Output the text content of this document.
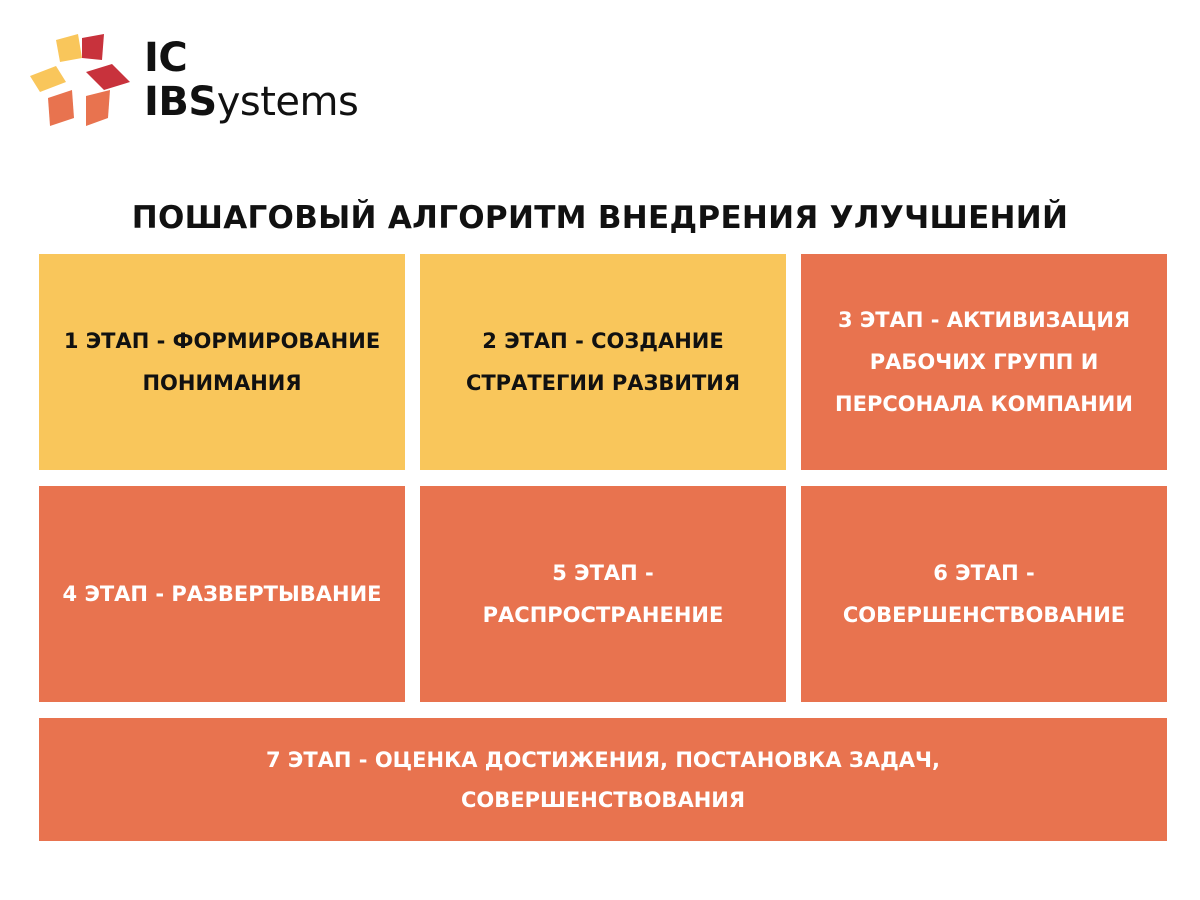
IC
IBSystems
ПОШАГОВЫЙ АЛГОРИТМ ВНЕДРЕНИЯ УЛУЧШЕНИЙ
1 ЭТАП - ФОРМИРОВАНИЕ ПОНИМАНИЯ
2 ЭТАП - СОЗДАНИЕ СТРАТЕГИИ РАЗВИТИЯ
3 ЭТАП - АКТИВИЗАЦИЯ РАБОЧИХ ГРУПП И ПЕРСОНАЛА КОМПАНИИ
4 ЭТАП - РАЗВЕРТЫВАНИЕ
5 ЭТАП - РАСПРОСТРАНЕНИЕ
6 ЭТАП - СОВЕРШЕНСТВОВАНИЕ
7 ЭТАП - ОЦЕНКА ДОСТИЖЕНИЯ, ПОСТАНОВКА ЗАДАЧ, СОВЕРШЕНСТВОВАНИЯ
